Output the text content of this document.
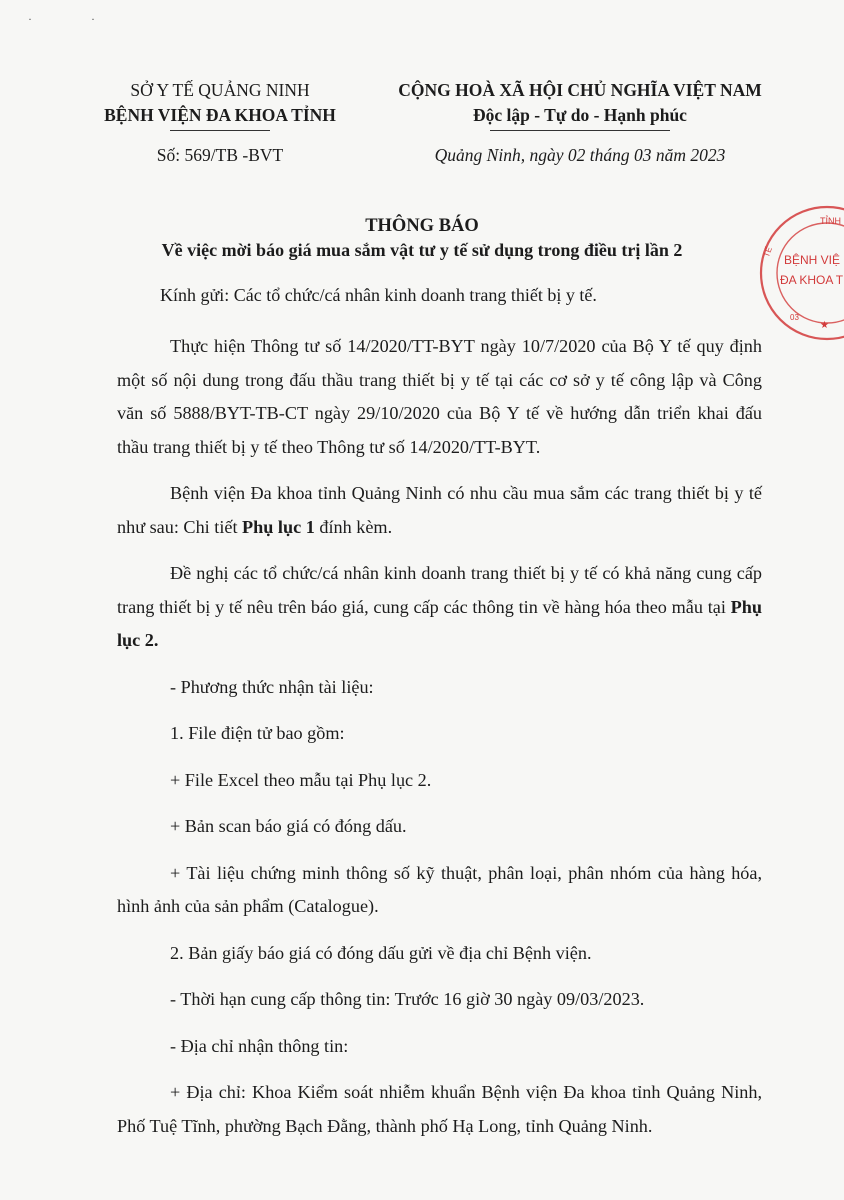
· ·
SỞ Y TẾ QUẢNG NINH
BỆNH VIỆN ĐA KHOA TỈNH
CỘNG HOÀ XÃ HỘI CHỦ NGHĨA VIỆT NAM
Độc lập - Tự do - Hạnh phúc
Số: 569/TB -BVT	Quảng Ninh, ngày 02 tháng 03 năm 2023
THÔNG BÁO
Về việc mời báo giá mua sắm vật tư y tế sử dụng trong điều trị lần 2
Kính gửi: Các tổ chức/cá nhân kinh doanh trang thiết bị y tế.

Thực hiện Thông tư số 14/2020/TT-BYT ngày 10/7/2020 của Bộ Y tế quy định một số nội dung trong đấu thầu trang thiết bị y tế tại các cơ sở y tế công lập và Công văn số 5888/BYT-TB-CT ngày 29/10/2020 của Bộ Y tế về hướng dẫn triển khai đấu thầu trang thiết bị y tế theo Thông tư số 14/2020/TT-BYT.

Bệnh viện Đa khoa tỉnh Quảng Ninh có nhu cầu mua sắm các trang thiết bị y tế như sau: Chi tiết Phụ lục 1 đính kèm.

Đề nghị các tổ chức/cá nhân kinh doanh trang thiết bị y tế có khả năng cung cấp trang thiết bị y tế nêu trên báo giá, cung cấp các thông tin về hàng hóa theo mẫu tại Phụ lục 2.

- Phương thức nhận tài liệu:

1. File điện tử bao gồm:

+ File Excel theo mẫu tại Phụ lục 2.

+ Bản scan báo giá có đóng dấu.

+ Tài liệu chứng minh thông số kỹ thuật, phân loại, phân nhóm của hàng hóa, hình ảnh của sản phẩm (Catalogue).

2. Bản giấy báo giá có đóng dấu gửi về địa chỉ Bệnh viện.

- Thời hạn cung cấp thông tin: Trước 16 giờ 30 ngày 09/03/2023.

- Địa chỉ nhận thông tin:

+ Địa chỉ: Khoa Kiểm soát nhiễm khuẩn Bệnh viện Đa khoa tỉnh Quảng Ninh, Phố Tuệ Tĩnh, phường Bạch Đằng, thành phố Hạ Long, tỉnh Quảng Ninh.

TỈNH
TẾ
BỆNH VIỆ
ĐA KHOA T
03
★
